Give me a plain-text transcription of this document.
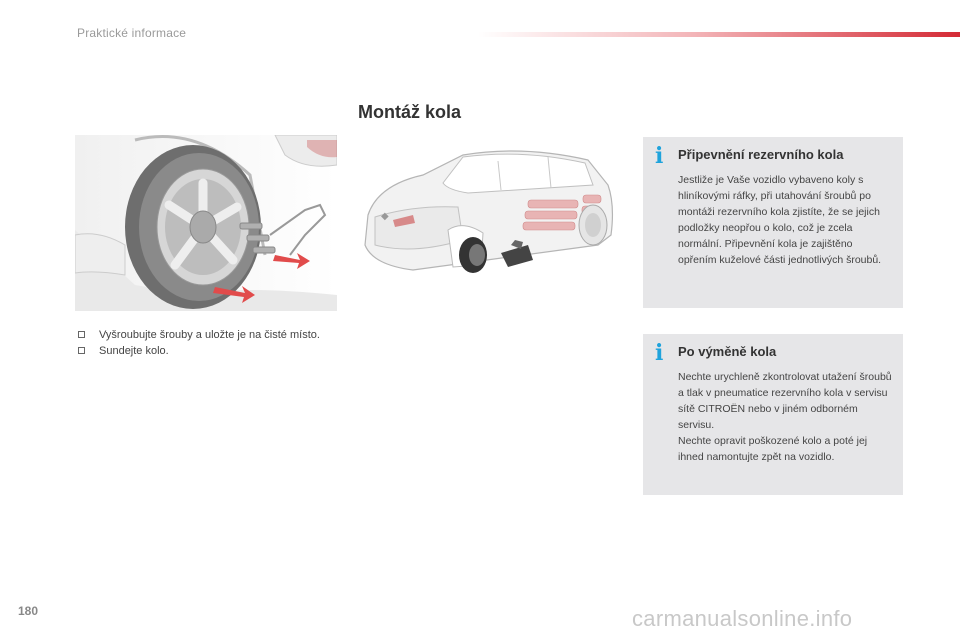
Praktické informace
Montáž kola
◆
Vyšroubujte šrouby a uložte je na čisté místo.
Sundejte kolo.
i Připevnění rezervního kola

Jestliže je Vaše vozidlo vybaveno koly s hliníkovými ráfky, při utahování šroubů po montáži rezervního kola zjistíte, že se jejich podložky neopřou o kolo, což je zcela normální. Připevnění kola je zajištěno opřením kuželové části jednotlivých šroubů.

i Po výměně kola

Nechte urychleně zkontrolovat utažení šroubů a tlak v pneumatice rezervního kola v servisu sítě CITROËN nebo v jiném odborném servisu.
Nechte opravit poškozené kolo a poté jej ihned namontujte zpět na vozidlo.

180	carmanualsonline.info
